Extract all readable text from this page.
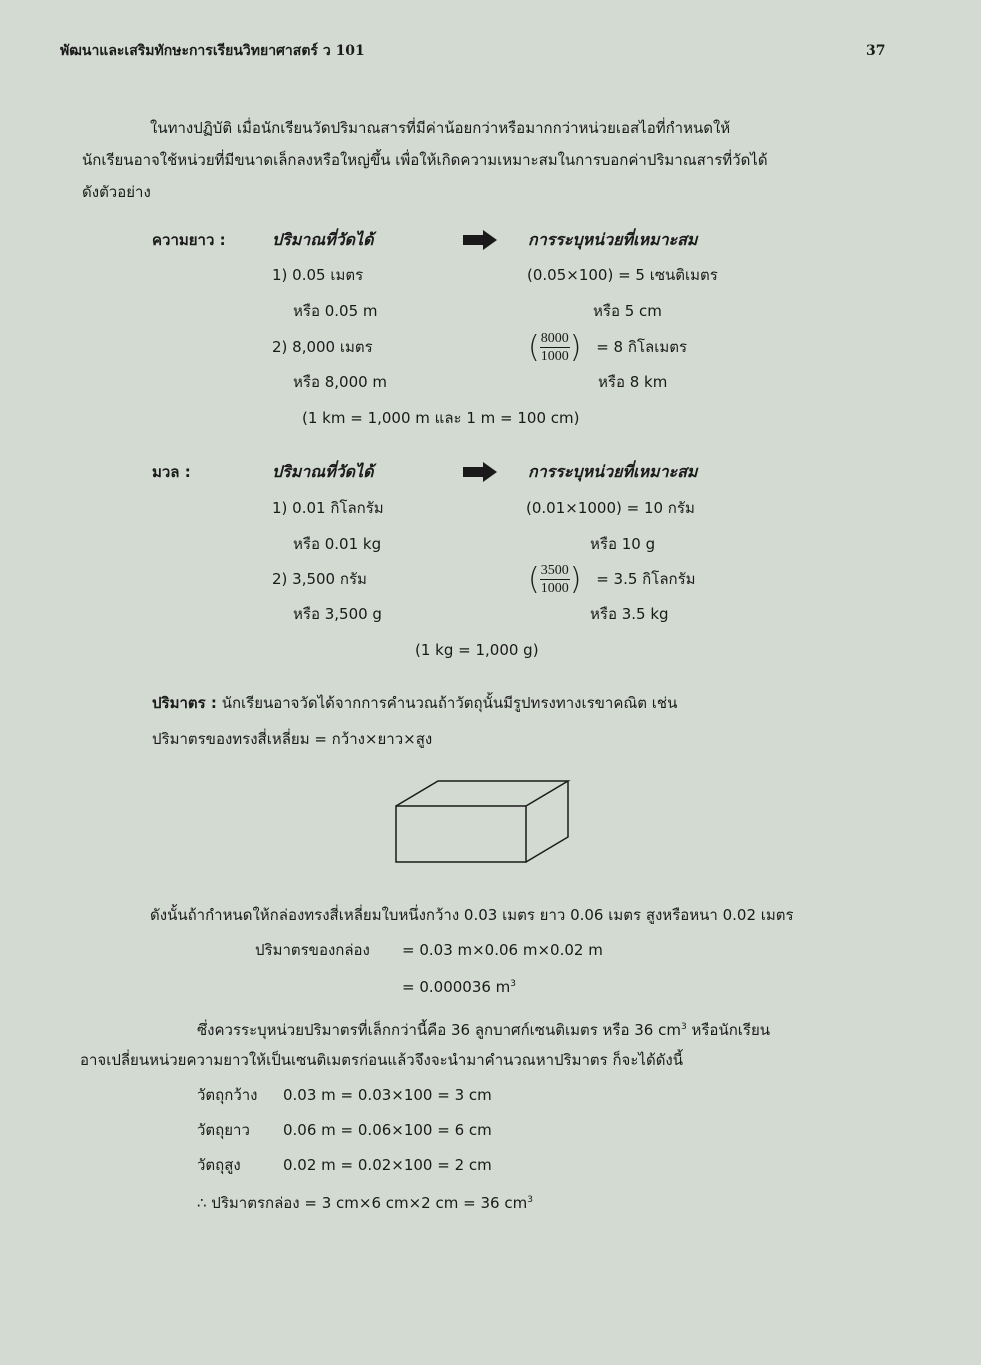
พัฒนาและเสริมทักษะการเรียนวิทยาศาสตร์ ว 101	37
ในทางปฏิบัติ เมื่อนักเรียนวัดปริมาณสารที่มีค่าน้อยกว่าหรือมากกว่าหน่วยเอสไอที่กำหนดให้
นักเรียนอาจใช้หน่วยที่มีขนาดเล็กลงหรือใหญ่ขึ้น เพื่อให้เกิดความเหมาะสมในการบอกค่าปริมาณสารที่วัดได้
ดังตัวอย่าง
ความยาว :	ปริมาณที่วัดได้	การระบุหน่วยที่เหมาะสม
1) 0.05 เมตร	(0.05×100) = 5 เซนติเมตร
หรือ 0.05 m	หรือ 5 cm
2) 8,000 เมตร	( $\frac{8000}{1000}$ ) = 8 กิโลเมตร
หรือ 8,000 m	หรือ 8 km
(1 km = 1,000 m และ 1 m = 100 cm)
มวล :	ปริมาณที่วัดได้	การระบุหน่วยที่เหมาะสม
1) 0.01 กิโลกรัม	(0.01×1000) = 10 กรัม
หรือ 0.01 kg	หรือ 10 g
2) 3,500 กรัม	( $\frac{3500}{1000}$ ) = 3.5 กิโลกรัม
หรือ 3,500 g	หรือ 3.5 kg
(1 kg = 1,000 g)
ปริมาตร : นักเรียนอาจวัดได้จากการคำนวณถ้าวัตถุนั้นมีรูปทรงทางเรขาคณิต เช่น
ปริมาตรของทรงสี่เหลี่ยม = กว้าง×ยาว×สูง
ดังนั้นถ้ากำหนดให้กล่องทรงสี่เหลี่ยมใบหนึ่งกว้าง 0.03 เมตร ยาว 0.06 เมตร สูงหรือหนา 0.02 เมตร
ปริมาตรของกล่อง = 0.03 m×0.06 m×0.02 m
= 0.000036 $m^3$
ซึ่งควรระบุหน่วยปริมาตรที่เล็กกว่านี้คือ 36 ลูกบาศก์เซนติเมตร หรือ 36 $cm^3$ หรือนักเรียน
อาจเปลี่ยนหน่วยความยาวให้เป็นเซนติเมตรก่อนแล้วจึงจะนำมาคำนวณหาปริมาตร ก็จะได้ดังนี้
วัตถุกว้าง 0.03 m = 0.03×100 = 3 cm
วัตถุยาว 0.06 m = 0.06×100 = 6 cm
วัตถุสูง	0.02 m = 0.02×100 = 2 cm
∴ ปริมาตรกล่อง = 3 cm×6 cm×2 cm = 36 $cm^3$
